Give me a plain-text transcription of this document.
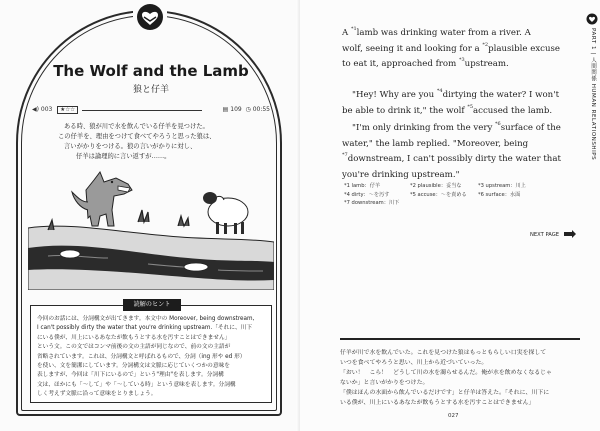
The Wolf and the Lamb
狼と仔羊
◀) 003 ★☆☆	▤ 109  ◷ 00:55
ある時、狼が川で水を飲んでいる仔羊を見つけた。
この仔羊を、理由をつけて食べてやろうと思った狼は、
言いがかりをつける。狼の言いがかりに対し、
仔羊は論理的に言い返すが……。
読解のヒント
今回のお話には、分詞構文が出てきます。本文中の Moreover, being downstream,
I can't possibly dirty the water that you're drinking upstream.「それに、川下
にいる僕が、川上にいるあなたが飲もうとする水を汚すことはできません」
という文。この文ではコンマ前後の文の主語が同じなので、前の文の主語が
省略されています。これは、分詞構文と呼ばれるもので、分詞（ing 形や ed 形）
を使い、文を簡潔にしています。分詞構文は文脈に応じていくつかの意味を
表しますが、今回は「川下にいるので」という"理由"を表します。分詞構
文は、ほかにも「～して」や「～している時」という意味を表します。分詞構
しく考えず文脈に沿って意味をとりましょう。
A $^{*1}$lamb was drinking water from a river. A
wolf, seeing it and looking for a $^{*2}$plausible excuse
to eat it, approached from $^{*3}$upstream.
"Hey! Why are you $^{*4}$dirtying the water? I won't
be able to drink it," the wolf $^{*5}$accused the lamb.
"I'm only drinking from the very $^{*6}$surface of the
water," the lamb replied. "Moreover, being
$^{*7}$downstream, I can't possibly dirty the water that
you're drinking upstream."
*1 lamb：仔羊	*2 plausible：妥当な	*3 upstream：川上
*4 dirty：～を汚す	*5 accuse：～を責める *6 surface：水面
*7 downstream：川下
NEXT PAGE
PART 1 | 人間関係 HUMAN RELATIONSHIPS
仔羊が川で水を飲んでいた。これを見つけた狼はもっともらしい口実を探して
いつを食べてやろうと思い、川上から近づいていった。
「おい！　こら！　どうして川の水を濁らせるんだ。俺が水を飲めなくなるじゃ
ないか」と言いがかりをつけた。
「僕はほんの水面から飲んでいるだけです」と仔羊は答えた。「それに、川下に
いる僕が、川上にいるあなたが飲もうとする水を汚すことはできません」
027
